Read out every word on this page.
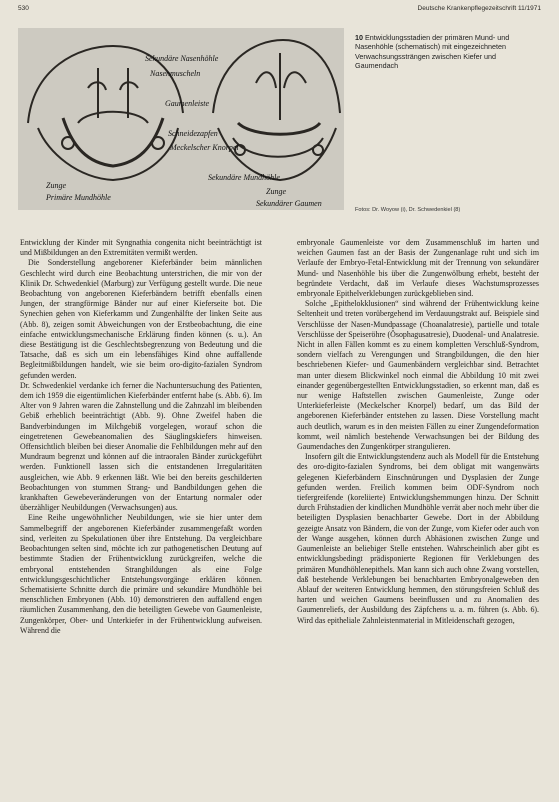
530	Deutsche Krankenpflegezeitschrift 11/1971
Sekundäre Nasenhöhle
Nasenmuscheln
Gaumenleiste
Schneidezapfen
Meckelscher Knorpel
Zunge
Primäre Mundhöhle
Sekundäre Mundhöhle
Zunge
Sekundärer Gaumen
10 Entwicklungsstadien der primären Mund- und Nasenhöhle (schematisch) mit eingezeichneten Verwachsungssträngen zwischen Kiefer und Gaumendach
Fotos: Dr. Woyow (i), Dr. Schwedenkiel (8)

Entwicklung der Kinder mit Syngnathia congenita nicht beeinträchtigt ist und Mißbildungen an den Extremitäten vermißt werden.

Die Sonderstellung angeborener Kieferbänder beim männlichen Geschlecht wird durch eine Beobachtung unterstrichen, die mir von der Klinik Dr. Schwedenkiel (Marburg) zur Verfügung gestellt wurde. Die neue Beobachtung von angeborenen Kieferbändern betrifft ebenfalls einen Jungen, der strangförmige Bänder nur auf einer Kieferseite bot. Die Synechien gehen von Kieferkamm und Zungenhälfte der linken Seite aus (Abb. 8), zeigen somit Abweichungen von der Erstbeobachtung, die eine einfache entwicklungsmechanische Erklärung finden können (s. u.). An diese Bestätigung ist die Geschlechtsbegrenzung von Bedeutung und die Tatsache, daß es sich um ein lebensfähiges Kind ohne auffallende Begleitmißbildungen handelt, wie sie beim oro-digito-fazialen Syndrom gefunden werden.

Dr. Schwedenkiel verdanke ich ferner die Nachuntersuchung des Patienten, dem ich 1959 die eigentümlichen Kieferbänder entfernt habe (s. Abb. 6). Im Alter von 9 Jahren waren die Zahnstellung und die Zahnzahl im bleibenden Gebiß erheblich beeinträchtigt (Abb. 9). Ohne Zweifel haben die Bandverbindungen im Milchgebiß vorgelegen, worauf schon die eingetretenen Gewebeanomalien des Säuglingskiefers hinweisen. Offensichtlich bleiben bei dieser Anomalie die Fehlbildungen mehr auf den Mundraum begrenzt und können auf die intraoralen Bänder zurückgeführt werden. Funktionell lassen sich die entstandenen Irregularitäten ausgleichen, wie Abb. 9 erkennen läßt. Wie bei den bereits geschilderten Beobachtungen von stummen Strang- und Bandbildungen gehen die krankhaften Gewebeveränderungen von der Entartung normaler oder überzähliger Neubildungen (Verwachsungen) aus.

Eine Reihe ungewöhnlicher Neubildungen, wie sie hier unter dem Sammelbegriff der angeborenen Kieferbänder zusammengefaßt worden sind, verleiten zu Spekulationen über ihre Entstehung. Da vergleichbare Beobachtungen selten sind, möchte ich zur pathogenetischen Deutung auf bestimmte Stadien der Frühentwicklung zurückgreifen, welche die embryonal entstehenden Strangbildungen als eine Folge entwicklungsgeschichtlicher Entstehungsvorgänge erklären können. Schematisierte Schnitte durch die primäre und sekundäre Mundhöhle bei menschlichen Embryonen (Abb. 10) demonstrieren den auffallend engen räumlichen Zusammenhang, den die beteiligten Gewebe von Gaumenleiste, Zungenkörper, Ober- und Unterkiefer in der Frühentwicklung aufweisen. Während die

embryonale Gaumenleiste vor dem Zusammenschluß im harten und weichen Gaumen fast an der Basis der Zungenanlage ruht und sich im Verlaufe der Embryo-Fetal-Entwicklung mit der Trennung von sekundärer Mund- und Nasenhöhle bis über die Zungenwölbung erhebt, besteht der begründete Verdacht, daß im Verlaufe dieses Wachstumsprozesses embryonale Epithelverklebungen zurückgeblieben sind.

Solche „Epithelokklusionen“ sind während der Frühentwicklung keine Seltenheit und treten vorübergehend im Verdauungstrakt auf. Beispiele sind Verschlüsse der Nasen-Mundpassage (Choanalatresie), partielle und totale Verschlüsse der Speiseröhre (Ösophagusatresie), Duodenal- und Analatresie. Nicht in allen Fällen kommt es zu einem kompletten Verschluß-Syndrom, sondern vielfach zu Verengungen und Strangbildungen, die den hier beschriebenen Kiefer- und Gaumenbändern vergleichbar sind. Betrachtet man unter diesem Blickwinkel noch einmal die Abbildung 10 mit zwei einander gegenübergestellten Entwicklungsstadien, so erkennt man, daß es nur wenige Haftstellen zwischen Gaumenleiste, Zunge oder Unterkieferleiste (Meckelscher Knorpel) bedarf, um das Bild der angeborenen Kieferbänder entstehen zu lassen. Diese Vorstellung macht auch deutlich, warum es in den meisten Fällen zu einer Zungendeformation kommt, weil nämlich bestehende Verwachsungen bei der Bildung des Gaumendaches den Zungenkörper strangulieren.

Insofern gilt die Entwicklungstendenz auch als Modell für die Entstehung des oro-digito-fazialen Syndroms, bei dem obligat mit wangenwärts gelegenen Kieferbändern Einschnürungen und Dysplasien der Zunge gefunden werden. Freilich kommen beim ODF-Syndrom noch tiefergreifende (koreliierte) Entwicklungshemmungen hinzu. Der Schnitt durch Frühstadien der kindlichen Mundhöhle verrät aber noch mehr über die beteiligten Dysplasien benachbarter Gewebe. Dort in der Abbildung gezeigte Ansatz von Bändern, die von der Zunge, vom Kiefer oder auch von der Wange ausgehen, können durch Abhäsionen zwischen Zunge und Gaumenleiste an beliebiger Stelle entstehen. Wahrscheinlich aber gibt es entwicklungsbedingt prädisponierte Regionen für Verklebungen des primären Mundhöhlenepithels. Man kann sich auch ohne Zwang vorstellen, daß bestehende Verklebungen bei benachbarten Embryonalgeweben den Ablauf der weiteren Entwicklung hemmen, den störungsfreien Schluß des harten und weichen Gaumens beeinflussen und zu Anomalien des Gaumenreliefs, der Ausbildung des Zäpfchens u. a. m. führen (s. Abb. 6). Wird das epitheliale Zahnleistenmaterial in Mitleidenschaft gezogen,
